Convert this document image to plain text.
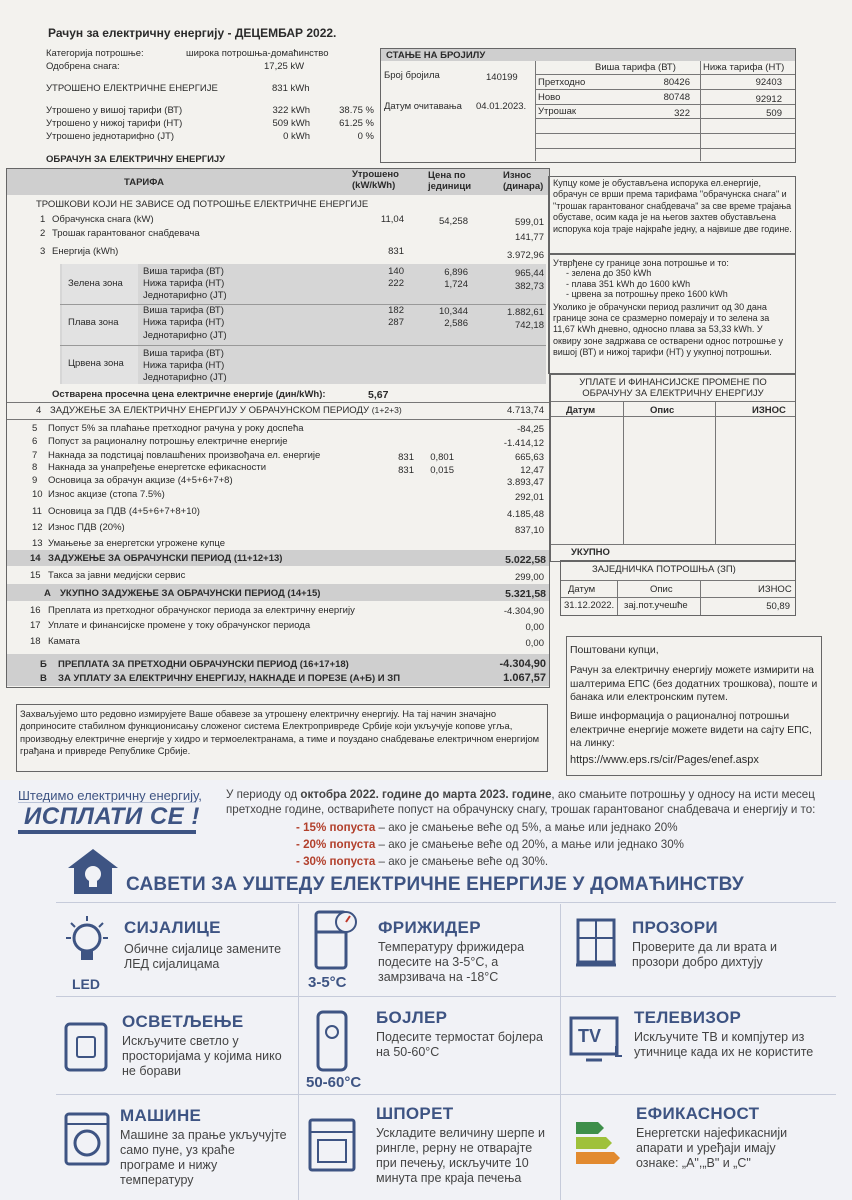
Рачун за електричну енергију - ДЕЦЕМБАР 2022.
Категорија потрошње:	широка потрошња-домаћинство
Одобрена снага:	17,25 kW
УТРОШЕНО ЕЛЕКТРИЧНЕ ЕНЕРГИЈЕ	831 kWh
Утрошено у вишој тарифи (ВТ)	322 kWh	38.75 %
Утрошено у нижој тарифи (НТ)	509 kWh	61.25 %
Утрошено једнотарифно (ЈТ)	0 kWh	0 %
СТАЊЕ НА БРОЈИЛУ
Виша тарифа (ВТ)	Нижа тарифа (НТ)
Број бројила	140199
Датум очитавања 04.01.2023.
Претходно	80426	92403
Ново	80748	92912
Утрошак	322	509
ОБРАЧУН ЗА ЕЛЕКТРИЧНУ ЕНЕРГИЈУ
ТАРИФА
Утрошено (kW/kWh)
Цена по јединици
Износ (динара)
ТРОШКОВИ КОЈИ НЕ ЗАВИСЕ ОД ПОТРОШЊЕ ЕЛЕКТРИЧНЕ ЕНЕРГИЈЕ
1 Обрачунска снага (kW)	11,04	54,258	599,01
2 Трошак гарантованог снабдевача	141,77
3 Енергија (kWh)	831	3.972,96
Зелена зона
Виша тарифа (ВТ)	140	6,896	965,44
Нижа тарифа (НТ)	222	1,724	382,73
Једнотарифно (ЈТ)
Плава зона
Виша тарифа (ВТ)	182	10,344	1.882,61
Нижа тарифа (НТ)	287	2,586	742,18
Једнотарифно (ЈТ)
Црвена зона
Виша тарифа (ВТ)
Нижа тарифа (НТ)
Једнотарифно (ЈТ)
Остварена просечна цена електричне енергије (дин/kWh):	5,67
4 ЗАДУЖЕЊЕ ЗА ЕЛЕКТРИЧНУ ЕНЕРГИЈУ У ОБРАЧУНСКОМ ПЕРИОДУ (1+2+3)	4.713,74
5 Попуст 5% за плаћање претходног рачуна у року доспећа	-84,25
6 Попуст за рационалну потрошњу електричне енергије	-1.414,12
7 Накнада за подстицај повлашћених произвођача ел. енергије	831	0,801	665,63
8 Накнада за унапређење енергетске ефикасности	831	0,015	12,47
9 Основица за обрачун акцизе (4+5+6+7+8)	3.893,47
10 Износ акцизе (стопа 7.5%)	292,01
11 Основица за ПДВ (4+5+6+7+8+10)	4.185,48
12 Износ ПДВ (20%)	837,10
13 Умањење за енергетски угрожене купце
14 ЗАДУЖЕЊЕ ЗА ОБРАЧУНСКИ ПЕРИОД (11+12+13)	5.022,58
15 Такса за јавни медијски сервис	299,00
А УКУПНО ЗАДУЖЕЊЕ ЗА ОБРАЧУНСКИ ПЕРИОД (14+15)	5.321,58
16 Преплата из претходног обрачунског периода за електричну енергију	-4.304,90
17 Уплате и финансијске промене у току обрачунског периода	0,00
18 Камата	0,00
Б ПРЕПЛАТА ЗА ПРЕТХОДНИ ОБРАЧУНСКИ ПЕРИОД (16+17+18)	-4.304,90
В ЗА УПЛАТУ ЗА ЕЛЕКТРИЧНУ ЕНЕРГИЈУ, НАКНАДЕ И ПОРЕЗЕ (А+Б) И ЗП	1.067,57
Купцу коме је обустављена испорука ел.енергије, обрачун се врши према тарифама "обрачунска снага" и "трошак гарантованог снабдевача" за све време трајања обуставе, осим када је на његов захтев обустављена испорука која траје најкраће једну, а највише две године.
Утврђене су границе зона потрошње и то:
- зелена до 350 kWh
- плава 351 kWh до 1600 kWh
- црвена за потрошњу преко 1600 kWh
Уколико је обрачунски период различит од 30 дана границе зона се сразмерно померају и то зелена за 11,67 kWh дневно, односно плава за 53,33 kWh. У оквиру зоне задржава се остварени однос потрошње у вишој (ВТ) и нижој тарифи (НТ) у укупној потрошњи.
УПЛАТЕ И ФИНАНСИЈСКЕ ПРОМЕНЕ ПО ОБРАЧУНУ ЗА ЕЛЕКТРИЧНУ ЕНЕРГИЈУ
Датум	Опис	ИЗНОС
УКУПНО
ЗАЈЕДНИЧКА ПОТРОШЊА (ЗП)
Датум	Опис	ИЗНОС
31.12.2022. зај.пот.учешће	50,89
Захваљујемо што редовно измирујете Ваше обавезе за утрошену електричну енергију. На тај начин значајно доприносите стабилном функционисању сложеног система Електропривреде Србије који укључује копове угља, производњу електричне енергије у хидро и термоелектранама, а тиме и поуздано снабдевање електричном енергијом грађана и привреде Републике Србије.
Поштовани купци,
Рачун за електричну енергију можете измирити на шалтерима ЕПС (без додатних трошкова), поште и банака или електронским путем.
Више информација о рационалној потрошњи електричне енергије можете видети на сајту ЕПС, на линку:
https://www.eps.rs/cir/Pages/enef.aspx
Штедимо електричну енергију,
ИСПЛАТИ СЕ !
У периоду од октобра 2022. године до марта 2023. године, ако смањите потрошњу у односу на исти месец претходне године, остварићете попуст на обрачунску снагу, трошак гарантованог снабдевача и енергију и то:
- 15% попуста – ако је смањење веће од 5%, а мање или једнако 20%
- 20% попуста – ако је смањење веће од 20%, а мање или једнако 30%
- 30% попуста – ако је смањење веће од 30%.
САВЕТИ ЗА УШТЕДУ ЕЛЕКТРИЧНЕ ЕНЕРГИЈЕ У ДОМАЋИНСТВУ
LED
СИЈАЛИЦЕ
Обичне сијалице замените ЛЕД сијалицама
3-5°C
ФРИЖИДЕР
Температуру фрижидера подесите на 3-5°С, а замрзивача на -18°С
ПРОЗОРИ
Проверите да ли врата и прозори добро дихтују
ОСВЕТЉЕЊЕ
Искључите светло у просторијама у којима нико не борави
50-60°C
БОЈЛЕР
Подесите термостат бојлера на 50-60°С
TV
ТЕЛЕВИЗОР
Искључите ТВ и компјутер из утичнице када их не користите
МАШИНЕ
Машине за прање укључујте само пуне, уз краће програме и нижу температуру
ШПОРЕТ
Ускладите величину шерпе и рингле, рерну не отварајте при печењу, искључите 10 минута пре краја печења
ЕФИКАСНОСТ
Енергетски најефикаснији апарати и уређаји имају ознаке: „А",„В" и „С"
